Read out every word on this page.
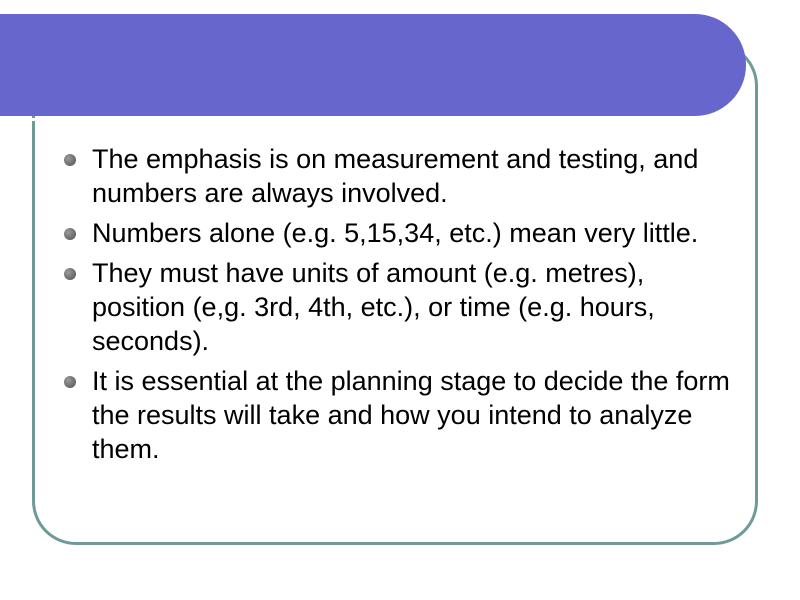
The emphasis is on measurement and testing, and numbers are always involved.
Numbers alone (e.g. 5,15,34, etc.) mean very little.
They must have units of amount (e.g. metres), position (e,g. 3rd, 4th, etc.), or time (e.g. hours, seconds).
It is essential at the planning stage to decide the form the results will take and how you intend to analyze them.
